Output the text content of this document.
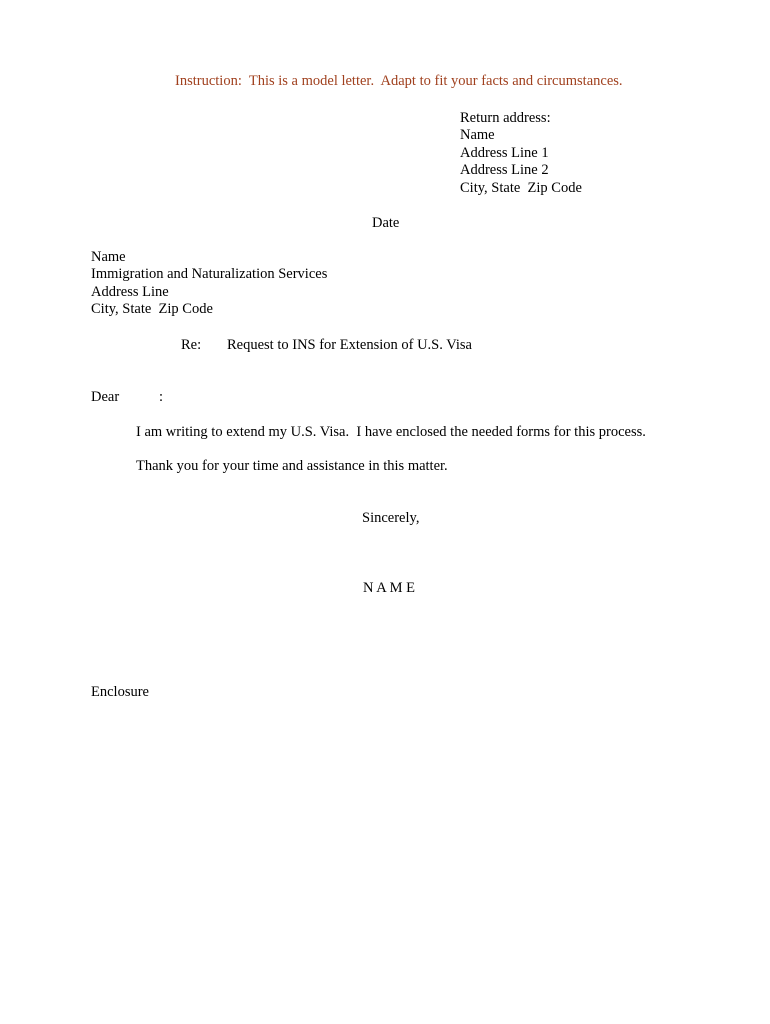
Instruction:  This is a model letter.  Adapt to fit your facts and circumstances.
Return address:
Name
Address Line 1
Address Line 2
City, State  Zip Code
Date
Name
Immigration and Naturalization Services
Address Line
City, State  Zip Code
Re: Request to INS for Extension of U.S. Visa
Dear	:
I am writing to extend my U.S. Visa.  I have enclosed the needed forms for this process.
Thank you for your time and assistance in this matter.
Sincerely,
N A M E
Enclosure
